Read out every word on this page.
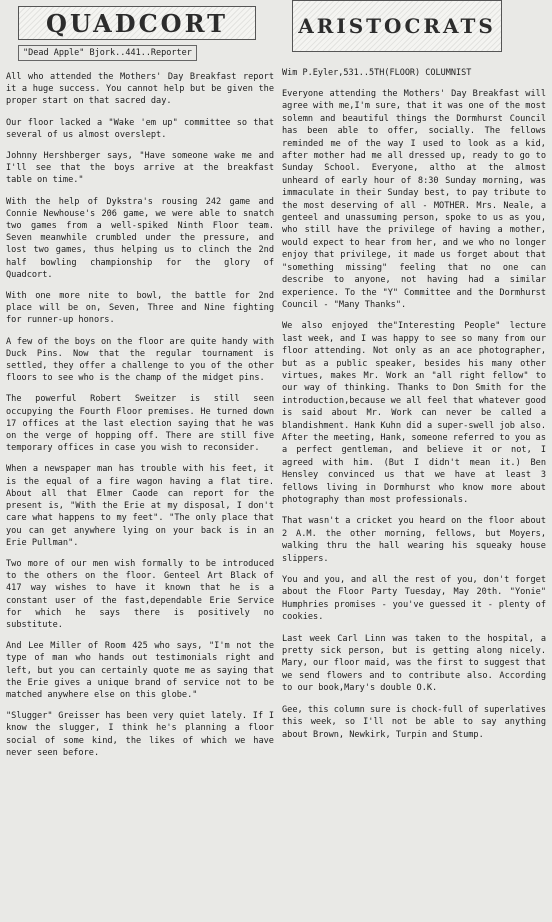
QUADCORT
"Dead Apple" Bjork..441..Reporter

All who attended the Mothers' Day Breakfast report it a huge success. You cannot help but be given the proper start on that sacred day.

Our floor lacked a "Wake 'em up" committee so that several of us almost overslept.

Johnny Hershberger says, "Have someone wake me and I'll see that the boys arrive at the breakfast table on time."

With the help of Dykstra's rousing 242 game and Connie Newhouse's 206 game, we were able to snatch two games from a well-spiked Ninth Floor team. Seven meanwhile crumbled under the pressure, and lost two games, thus helping us to clinch the 2nd half bowling championship for the glory of Quadcort.

With one more nite to bowl, the battle for 2nd place will be on, Seven, Three and Nine fighting for runner-up honors.

A few of the boys on the floor are quite handy with Duck Pins. Now that the regular tournament is settled, they offer a challenge to you of the other floors to see who is the champ of the midget pins.

The powerful Robert Sweitzer is still seen occupying the Fourth Floor premises. He turned down 17 offices at the last election saying that he was on the verge of hopping off. There are still five temporary offices in case you wish to reconsider.

When a newspaper man has trouble with his feet, it is the equal of a fire wagon having a flat tire. About all that Elmer Caode can report for the present is, "With the Erie at my disposal, I don't care what happens to my feet". "The only place that you can get anywhere lying on your back is in an Erie Pullman".

Two more of our men wish formally to be introduced to the others on the floor. Genteel Art Black of 417 way wishes to have it known that he is a constant user of the fast,dependable Erie Service for which he says there is positively no substitute.

And Lee Miller of Room 425 who says, "I'm not the type of man who hands out testimonials right and left, but you can certainly quote me as saying that the Erie gives a unique brand of service not to be matched anywhere else on this globe."

"Slugger" Greisser has been very quiet lately. If I know the slugger, I think he's planning a floor social of some kind, the likes of which we have never seen before.

ARISTOCRATS
Wim P.Eyler,531..5TH(FLOOR) COLUMNIST

Everyone attending the Mothers' Day Breakfast will agree with me,I'm sure, that it was one of the most solemn and beautiful things the Dormhurst Council has been able to offer, socially. The fellows reminded me of the way I used to look as a kid, after mother had me all dressed up, ready to go to Sunday School. Everyone, altho at the almost unheard of early hour of 8:30 Sunday morning, was immaculate in their Sunday best, to pay tribute to the most deserving of all - MOTHER. Mrs. Neale, a genteel and unassuming person, spoke to us as you, who still have the privilege of having a mother, would expect to hear from her, and we who no longer enjoy that privilege, it made us forget about that "something missing" feeling that no one can describe to anyone, not having had a similar experience. To the "Y" Committee and the Dormhurst Council - "Many Thanks".

We also enjoyed the"Interesting People" lecture last week, and I was happy to see so many from our floor attending. Not only as an ace photographer, but as a public speaker, besides his many other virtues, makes Mr. Work an "all right fellow" to our way of thinking. Thanks to Don Smith for the introduction,because we all feel that whatever good is said about Mr. Work can never be called a blandishment. Hank Kuhn did a super-swell job also. After the meeting, Hank, someone referred to you as a perfect gentleman, and believe it or not, I agreed with him. (But I didn't mean it.) Ben Hensley convinced us that we have at least 3 fellows living in Dormhurst who know more about photography than most professionals.

That wasn't a cricket you heard on the floor about 2 A.M. the other morning, fellows, but Moyers, walking thru the hall wearing his squeaky house slippers.

You and you, and all the rest of you, don't forget about the Floor Party Tuesday, May 20th. "Yonie" Humphries promises - you've guessed it - plenty of cookies.

Last week Carl Linn was taken to the hospital, a pretty sick person, but is getting along nicely. Mary, our floor maid, was the first to suggest that we send flowers and to contribute also. According to our book,Mary's double O.K.

Gee, this column sure is chock-full of superlatives this week, so I'll not be able to say anything about Brown, Newkirk, Turpin and Stump.
